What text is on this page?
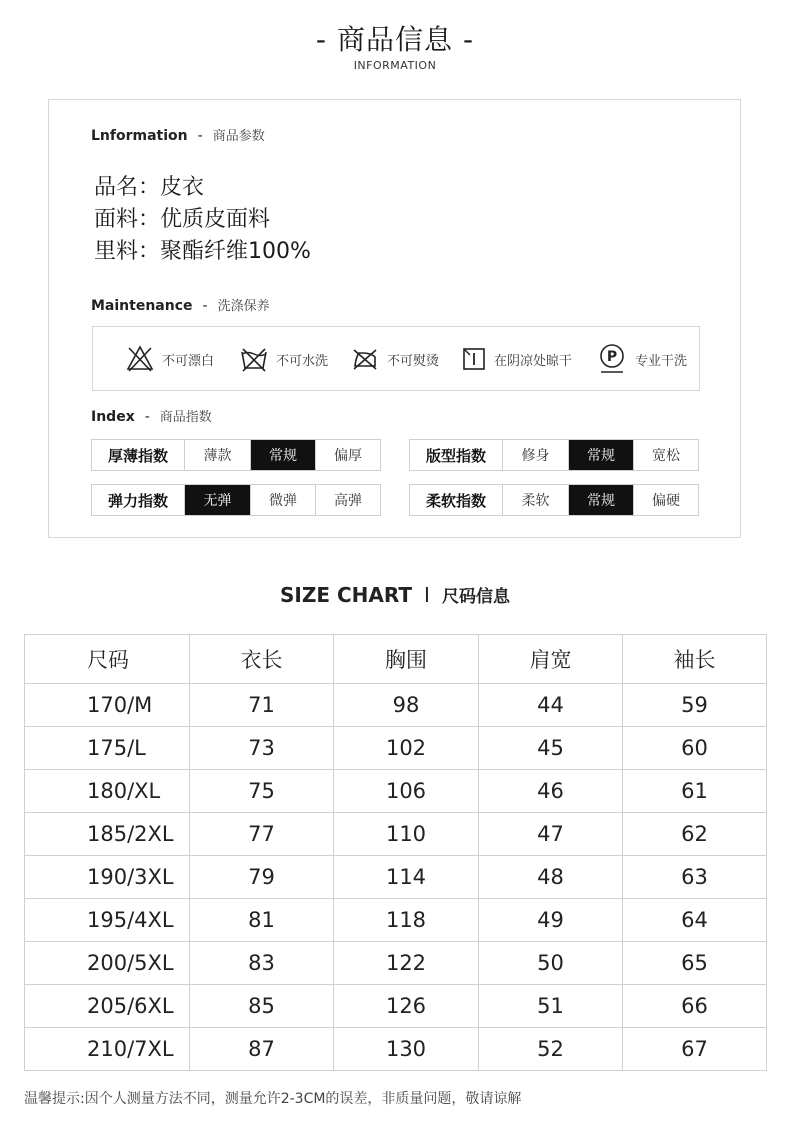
- 商品信息 -
INFORMATION
Lnformation - 商品参数
品名：皮衣
面料：优质皮面料
里料：聚酯纤维100%
Maintenance - 洗涤保养
不可漂白	不可水洗	不可熨烫	在阴凉处晾干 P 专业干洗
Index - 商品指数
厚薄指数	薄款	常规	偏厚	版型指数	修身	常规	宽松
弹力指数	无弹	微弹	高弹	柔软指数	柔软	常规	偏硬
SIZE CHART I 尺码信息
尺码	衣长	胸围	肩宽	袖长
170/M	71	98	44	59
175/L	73	102	45	60
180/XL	75	106	46	61
185/2XL	77	110	47	62
190/3XL	79	114	48	63
195/4XL	81	118	49	64
200/5XL	83	122	50	65
205/6XL	85	126	51	66
210/7XL	87	130	52	67
温馨提示:因个人测量方法不同，测量允许2-3CM的误差，非质量问题，敬请谅解
